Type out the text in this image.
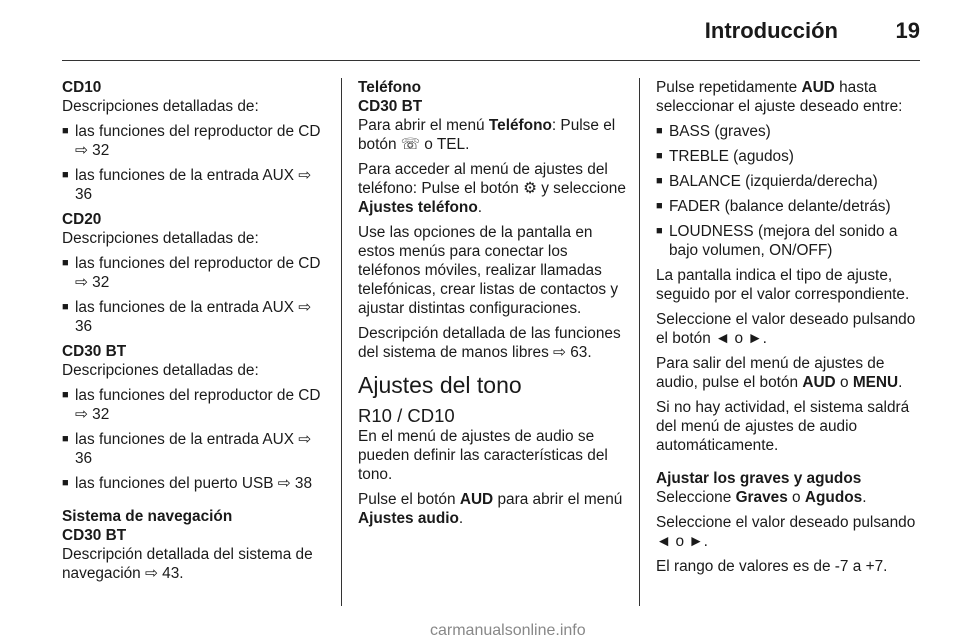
Introducción	19
CD10
Descripciones detalladas de:
■ las funciones del reproductor de CD ⇨ 32
■ las funciones de la entrada AUX ⇨ 36
CD20
Descripciones detalladas de:
■ las funciones del reproductor de CD ⇨ 32
■ las funciones de la entrada AUX ⇨ 36
CD30 BT
Descripciones detalladas de:
■ las funciones del reproductor de CD ⇨ 32
■ las funciones de la entrada AUX ⇨ 36
■ las funciones del puerto USB ⇨ 38
Sistema de navegación
CD30 BT
Descripción detallada del sistema de navegación ⇨ 43.
Teléfono
CD30 BT
Para abrir el menú Teléfono: Pulse el botón ☏ o TEL.
Para acceder al menú de ajustes del teléfono: Pulse el botón ⚙ y seleccione Ajustes teléfono.
Use las opciones de la pantalla en estos menús para conectar los teléfonos móviles, realizar llamadas telefónicas, crear listas de contactos y ajustar distintas configuraciones.
Descripción detallada de las funciones del sistema de manos libres ⇨ 63.
Ajustes del tono
R10 / CD10
En el menú de ajustes de audio se pueden definir las características del tono.
Pulse el botón AUD para abrir el menú Ajustes audio.
Pulse repetidamente AUD hasta seleccionar el ajuste deseado entre:
■ BASS (graves)
■ TREBLE (agudos)
■ BALANCE (izquierda/derecha)
■ FADER (balance delante/detrás)
■ LOUDNESS (mejora del sonido a bajo volumen, ON/OFF)
La pantalla indica el tipo de ajuste, seguido por el valor correspondiente.
Seleccione el valor deseado pulsando el botón ◄ o ►.
Para salir del menú de ajustes de audio, pulse el botón AUD o MENU.
Si no hay actividad, el sistema saldrá del menú de ajustes de audio automáticamente.
Ajustar los graves y agudos
Seleccione Graves o Agudos.
Seleccione el valor deseado pulsando ◄ o ►.
El rango de valores es de -7 a +7.
carmanualsonline.info
